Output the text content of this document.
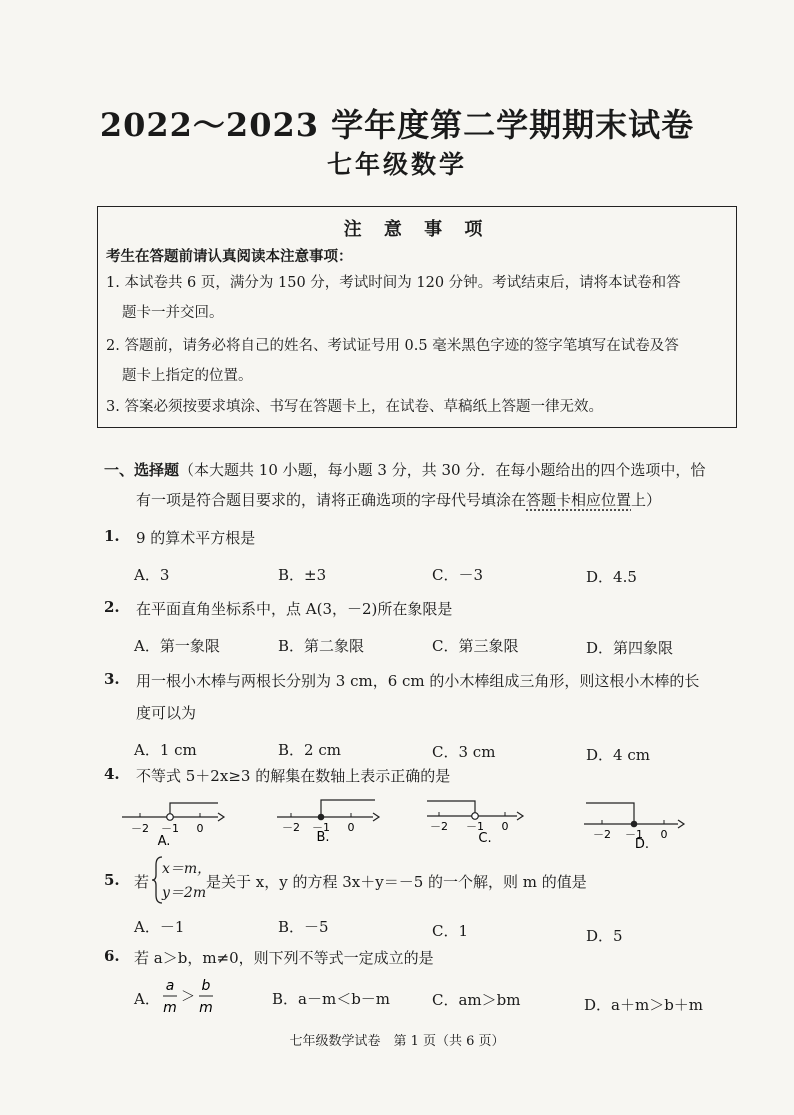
2022～2023 学年度第二学期期末试卷
七年级数学
注 意 事 项
考生在答题前请认真阅读本注意事项：
1. 本试卷共 6 页，满分为 150 分，考试时间为 120 分钟。考试结束后，请将本试卷和答
题卡一并交回。
2. 答题前，请务必将自己的姓名、考试证号用 0.5 毫米黑色字迹的签字笔填写在试卷及答
题卡上指定的位置。
3. 答案必须按要求填涂、书写在答题卡上，在试卷、草稿纸上答题一律无效。
一、选择题（本大题共 10 小题，每小题 3 分，共 30 分．在每小题给出的四个选项中，恰
有一项是符合题目要求的，请将正确选项的字母代号填涂在答题卡相应位置上）
1. 9 的算术平方根是
A．3	B．±3	C．－3	D．4.5
2. 在平面直角坐标系中，点 A(3，－2)所在象限是
A．第一象限	B．第二象限	C．第三象限	D．第四象限
3. 用一根小木棒与两根长分别为 3 cm，6 cm 的小木棒组成三角形，则这根小木棒的长
度可以为
A．1 cm	B．2 cm	C．3 cm	D．4 cm
4. 不等式 5＋2x≥3 的解集在数轴上表示正确的是
－2 －1 0
A.
－2 －1 0
B.
－2 －1 0
C.	－2 －1 0
D.
5. 若
x＝m，
y＝2m
是关于 x，y 的方程 3x＋y＝－5 的一个解，则 m 的值是
A．－1	B．－5	C．1	D．5
6. 若 a＞b，m≠0，则下列不等式一定成立的是
A．
a
m
＞
b
m	B．a－m＜b－m	C．am＞bm	D．a＋m＞b＋m
七年级数学试卷　第 1 页（共 6 页）
